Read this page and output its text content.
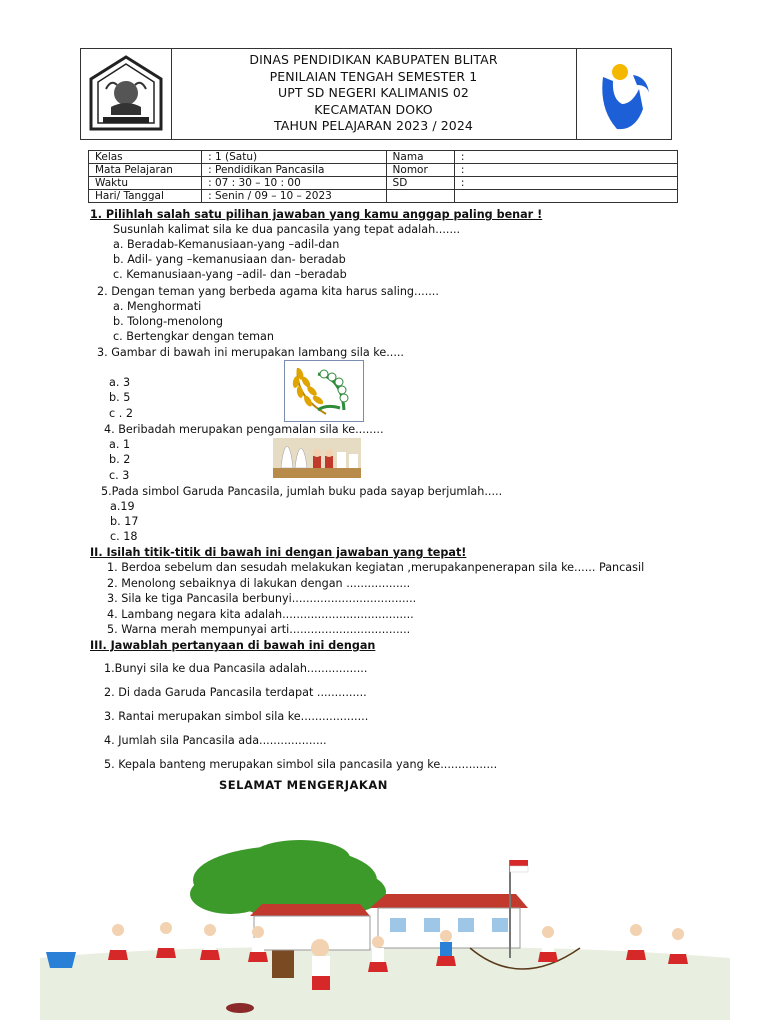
DINAS PENDIDIKAN KABUPATEN BLITAR
PENILAIAN TENGAH SEMESTER 1
UPT SD NEGERI KALIMANIS 02
KECAMATAN DOKO
TAHUN PELAJARAN 2023 / 2024
Kelas	: 1 (Satu)	Nama	:
Mata Pelajaran	: Pendidikan Pancasila	Nomor	:
Waktu	: 07 : 30 – 10 : 00	SD	:
Hari/ Tanggal	: Senin / 09 – 10 – 2023		
1. Pilihlah salah satu pilihan jawaban yang kamu anggap paling benar !
Susunlah kalimat sila ke dua pancasila yang tepat adalah.......
a. Beradab-Kemanusiaan-yang –adil-dan
b. Adil- yang –kemanusiaan dan- beradab
c. Kemanusiaan-yang –adil- dan –beradab
2. Dengan teman yang berbeda agama kita harus saling.......
a. Menghormati
b. Tolong-menolong
c. Bertengkar dengan teman
3. Gambar di bawah ini merupakan lambang sila ke.....
a. 3
b. 5
c . 2
4. Beribadah merupakan pengamalan sila ke........
a. 1
b. 2
c. 3
5.Pada simbol Garuda Pancasila, jumlah buku pada sayap berjumlah.....
a.19
b. 17
c. 18
II. Isilah titik-titik di bawah ini dengan jawaban yang tepat!
1. Berdoa sebelum dan sesudah melakukan kegiatan ,merupakanpenerapan sila ke...... Pancasil
2. Menolong sebaiknya di lakukan dengan ..................
3. Sila ke tiga Pancasila berbunyi...................................
4. Lambang negara kita adalah.....................................
5. Warna merah mempunyai arti..................................
III. Jawablah pertanyaan di bawah ini dengan
1.Bunyi sila ke dua Pancasila adalah.................
2. Di dada Garuda Pancasila terdapat ..............
3. Rantai merupakan simbol sila ke...................
4. Jumlah sila Pancasila ada...................
5. Kepala banteng merupakan simbol sila pancasila yang ke................
SELAMAT MENGERJAKAN
